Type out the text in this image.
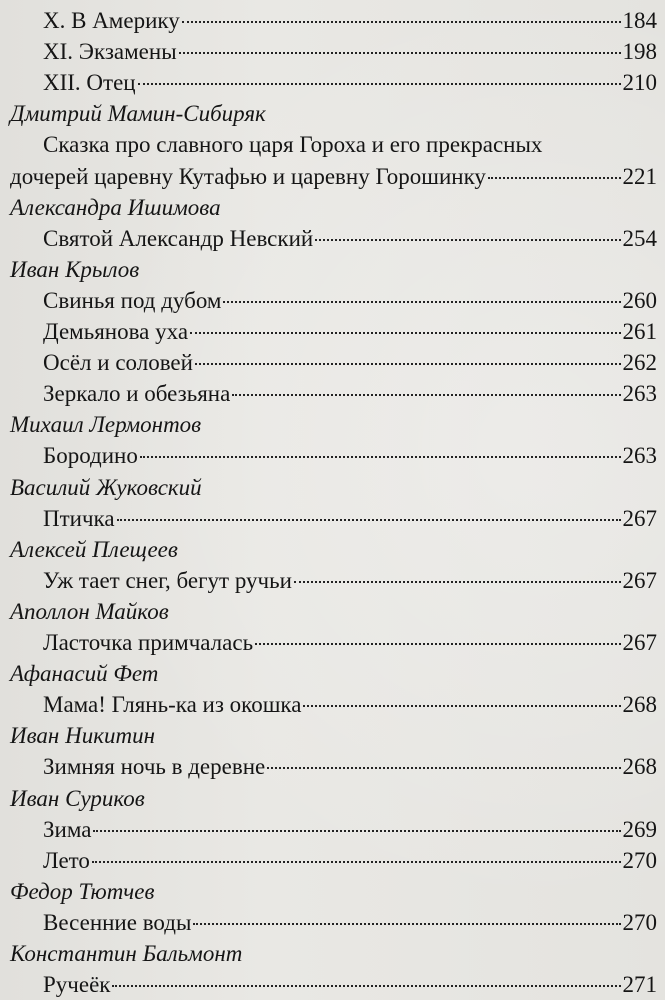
X. В Америку	184
XI. Экзамены	198
XII. Отец	210
Дмитрий Мамин-Сибиряк
Сказка про славного царя Гороха и его прекрасных
дочерей царевну Кутафью и царевну Горошинку	221
Александра Ишимова
Святой Александр Невский	254
Иван Крылов
Свинья под дубом	260
Демьянова уха	261
Осёл и соловей	262
Зеркало и обезьяна	263
Михаил Лермонтов
Бородино	263
Василий Жуковский
Птичка	267
Алексей Плещеев
Уж тает снег, бегут ручьи	267
Аполлон Майков
Ласточка примчалась	267
Афанасий Фет
Мама! Глянь-ка из окошка	268
Иван Никитин
Зимняя ночь в деревне	268
Иван Суриков
Зима	269
Лето	270
Федор Тютчев
Весенние воды	270
Константин Бальмонт
Ручеёк	271
